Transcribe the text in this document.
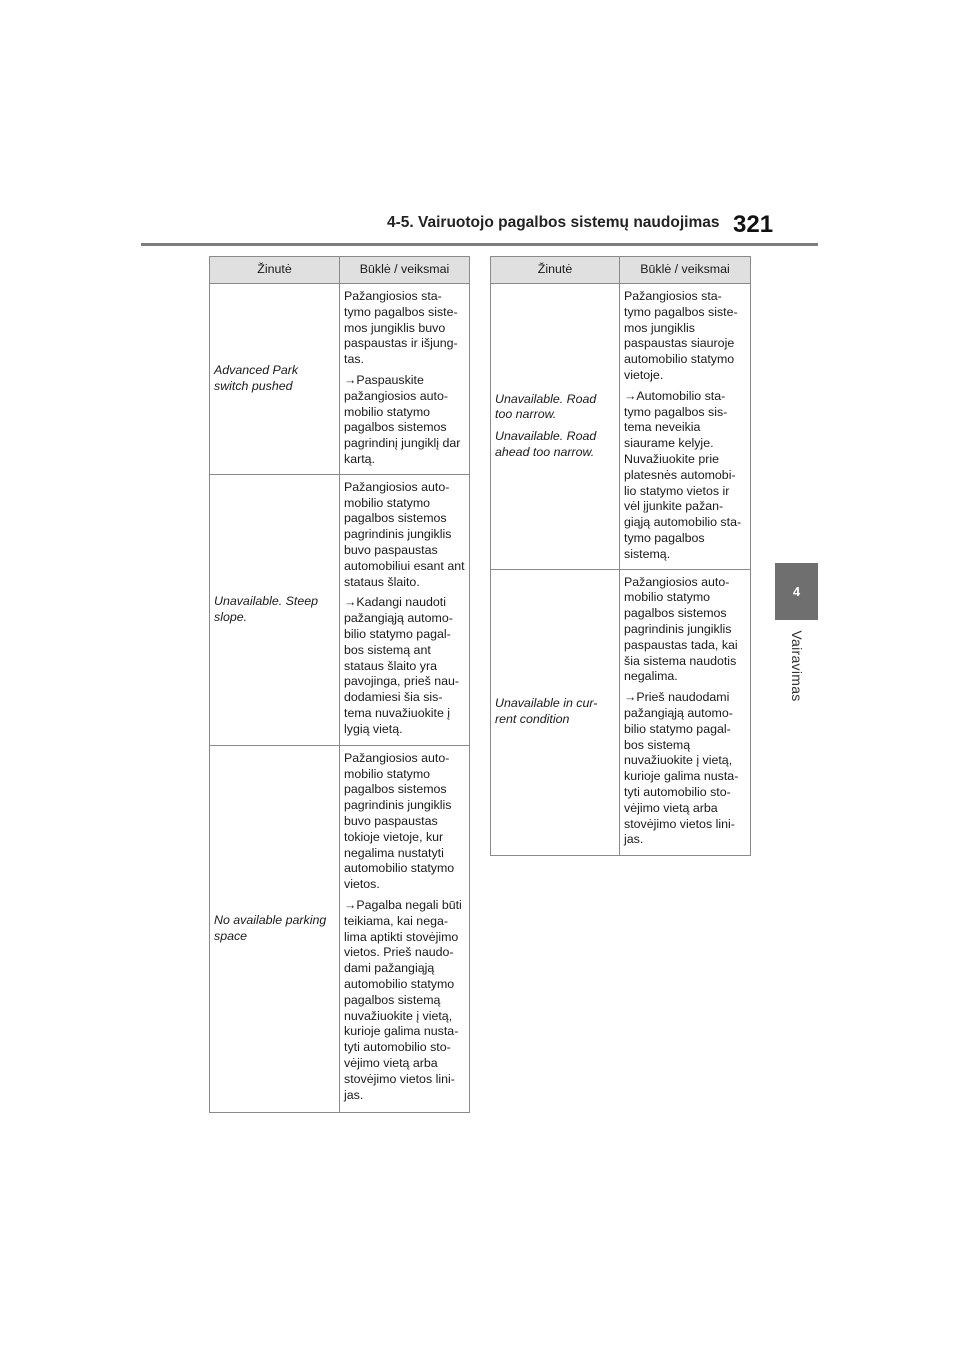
4-5. Vairuotojo pagalbos sistemų naudojimas 321
4
Vairavimas
Žinutė	Būklė / veiksmai
Advanced Park switch pushed	Pažangiosios sta-tymo pagalbos siste-mos jungiklis buvo paspaustas ir išjung-tas.
→Paspauskite pažangiosios auto-mobilio statymo pagalbos sistemos pagrindinį jungiklį dar kartą.

Unavailable. Steep slope.	Pažangiosios auto-mobilio statymo pagalbos sistemos pagrindinis jungiklis buvo paspaustas automobiliui esant ant stataus šlaito.
→Kadangi naudoti pažangiąją automo-bilio statymo pagal-bos sistemą ant stataus šlaito yra pavojinga, prieš nau-dodamiesi šia sis-tema nuvažiuokite į lygią vietą.

No available parking space	Pažangiosios auto-mobilio statymo pagalbos sistemos pagrindinis jungiklis buvo paspaustas tokioje vietoje, kur negalima nustatyti automobilio statymo vietos.
→Pagalba negali būti teikiama, kai nega-lima aptikti stovėjimo vietos. Prieš naudo-dami pažangiąją automobilio statymo pagalbos sistemą nuvažiuokite į vietą, kurioje galima nusta-tyti automobilio sto-vėjimo vietą arba stovėjimo vietos lini-jas.
Žinutė	Būklė / veiksmai
Unavailable. Road too narrow.
Unavailable. Road ahead too narrow.	Pažangiosios sta-tymo pagalbos siste-mos jungiklis paspaustas siauroje automobilio statymo vietoje.
→Automobilio sta-tymo pagalbos sis-tema neveikia siaurame kelyje. Nuvažiuokite prie platesnės automobi-lio statymo vietos ir vėl įjunkite pažan-giąją automobilio sta-tymo pagalbos sistemą.

Unavailable in cur-rent condition	Pažangiosios auto-mobilio statymo pagalbos sistemos pagrindinis jungiklis paspaustas tada, kai šia sistema naudotis negalima.
→Prieš naudodami pažangiąją automo-bilio statymo pagal-bos sistemą nuvažiuokite į vietą, kurioje galima nusta-tyti automobilio sto-vėjimo vietą arba stovėjimo vietos lini-jas.
